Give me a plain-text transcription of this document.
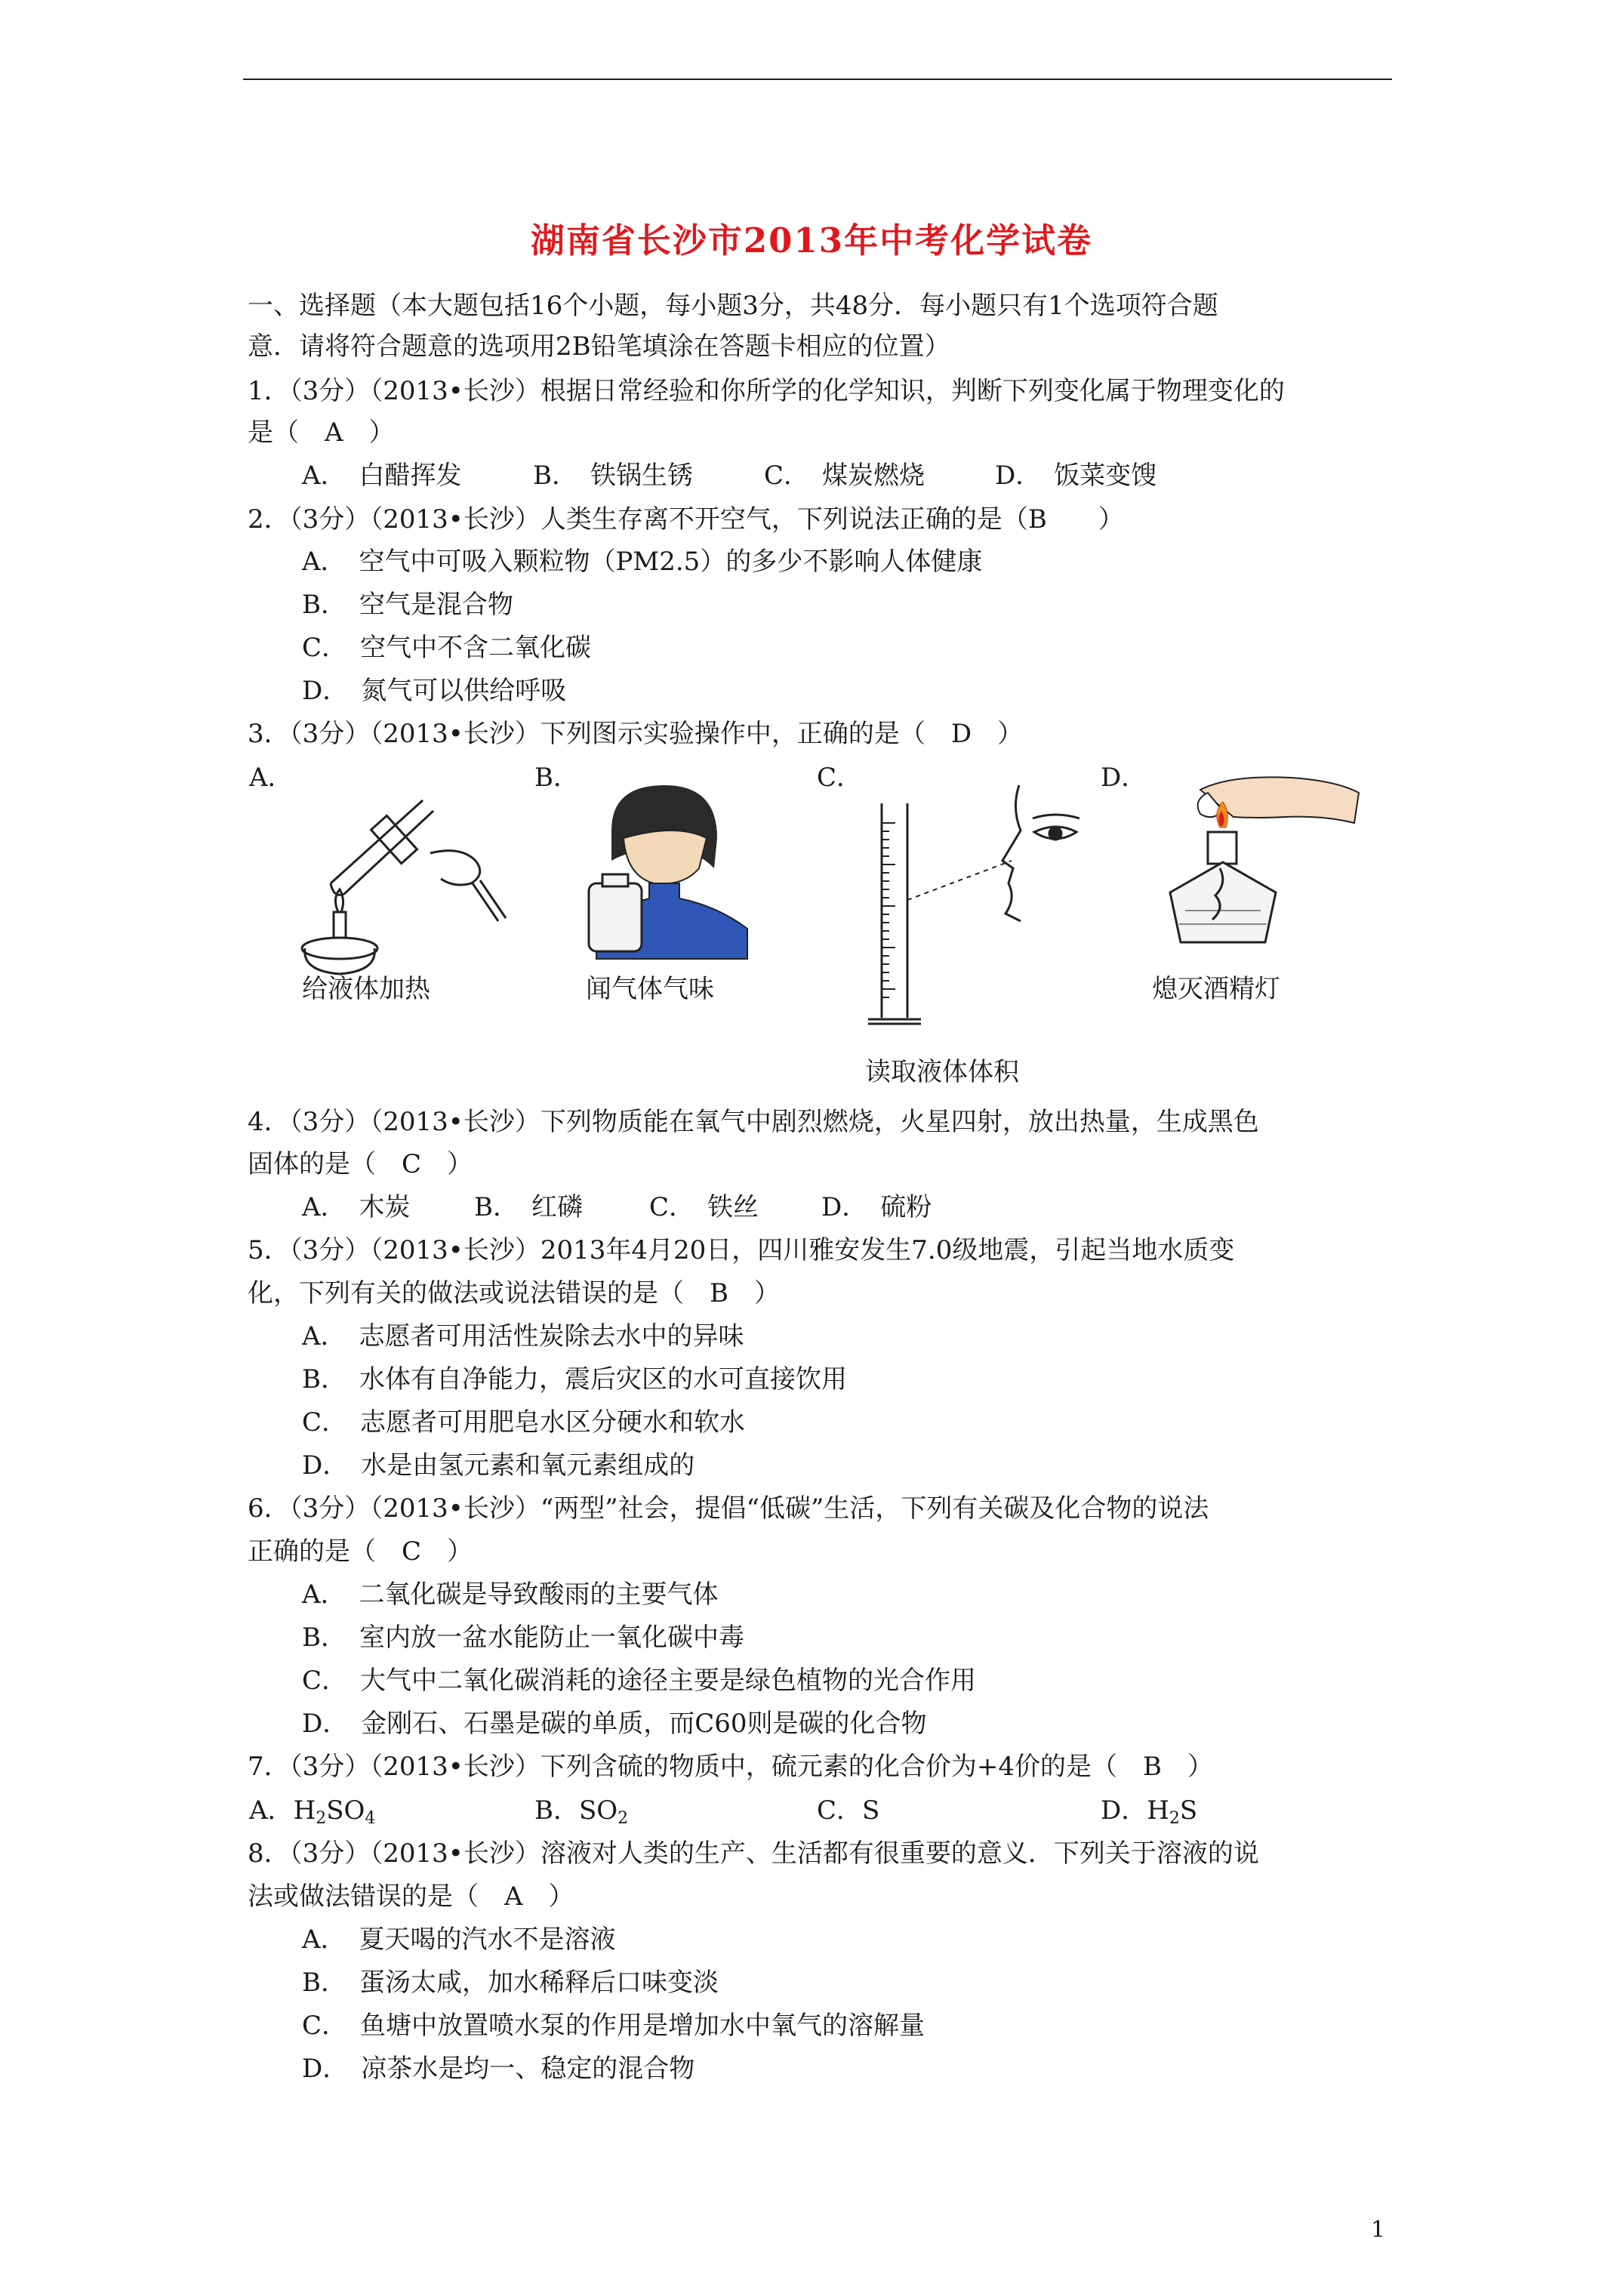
湖南省长沙市2013年中考化学试卷
一、选择题（本大题包括16个小题，每小题3分，共48分．每小题只有1个选项符合题
意．请将符合题意的选项用2B铅笔填涂在答题卡相应的位置）
1．（3分）（2013•长沙）根据日常经验和你所学的化学知识，判断下列变化属于物理变化的
是（　A　）
A．　白醋挥发	B．　铁锅生锈	C．　煤炭燃烧	D．　饭菜变馊
2．（3分）（2013•长沙）人类生存离不开空气，下列说法正确的是（B　　）
A．　空气中可吸入颗粒物（PM2.5）的多少不影响人体健康
B．　空气是混合物
C．　空气中不含二氧化碳
D．　氮气可以供给呼吸
3．（3分）（2013•长沙）下列图示实验操作中，正确的是（　D　）
A．	B．	C．	D．
给液体加热	闻气体气味
读取液体体积
熄灭酒精灯
4．（3分）（2013•长沙）下列物质能在氧气中剧烈燃烧，火星四射，放出热量，生成黑色
固体的是（　C　）
A．　木炭 B．　红磷	C．　铁丝 D．　硫粉
5．（3分）（2013•长沙）2013年4月20日，四川雅安发生7.0级地震，引起当地水质变
化，下列有关的做法或说法错误的是（　B　）
A．　志愿者可用活性炭除去水中的异味
B．　水体有自净能力，震后灾区的水可直接饮用
C．　志愿者可用肥皂水区分硬水和软水
D．　水是由氢元素和氧元素组成的
6．（3分）（2013•长沙）“两型”社会，提倡“低碳”生活，下列有关碳及化合物的说法
正确的是（　C　）
A．　二氧化碳是导致酸雨的主要气体
B．　室内放一盆水能防止一氧化碳中毒
C．　大气中二氧化碳消耗的途径主要是绿色植物的光合作用
D．　金刚石、石墨是碳的单质，而C60则是碳的化合物
7．（3分）（2013•长沙）下列含硫的物质中，硫元素的化合价为+4价的是（　B　）
A．$H_2SO_4$	B．$SO_2$	C．S	D．$H_2S$
8．（3分）（2013•长沙）溶液对人类的生产、生活都有很重要的意义．下列关于溶液的说
法或做法错误的是（　A　）
A．　夏天喝的汽水不是溶液
B．　蛋汤太咸，加水稀释后口味变淡
C．　鱼塘中放置喷水泵的作用是增加水中氧气的溶解量
D．　凉茶水是均一、稳定的混合物
1
